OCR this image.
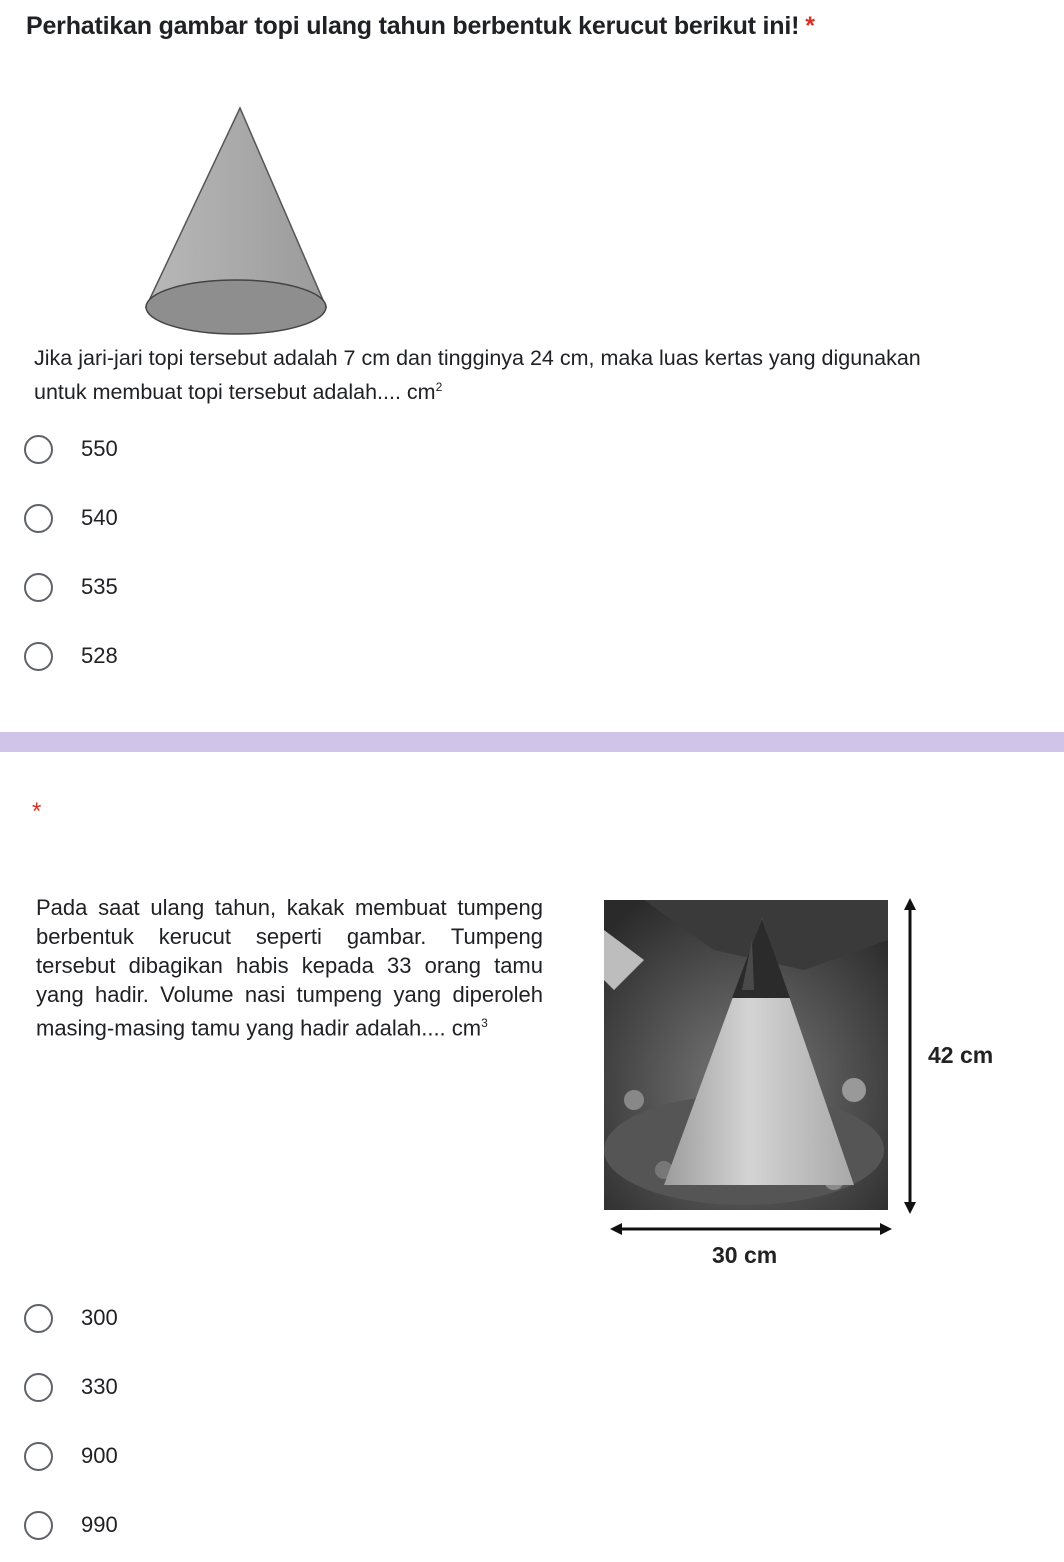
Perhatikan gambar topi ulang tahun berbentuk kerucut berikut ini! *
Jika jari-jari topi tersebut adalah 7 cm dan tingginya 24 cm, maka luas kertas yang digunakan
untuk membuat topi tersebut adalah.... $cm^2$
550
540
535
528
*
Pada saat ulang tahun, kakak membuat tumpeng berbentuk kerucut seperti gambar. Tumpeng tersebut dibagikan habis kepada 33 orang tamu yang hadir. Volume nasi tumpeng yang diperoleh masing-masing tamu yang hadir adalah.... $cm^3$
42 cm
30 cm
300
330
900
990
